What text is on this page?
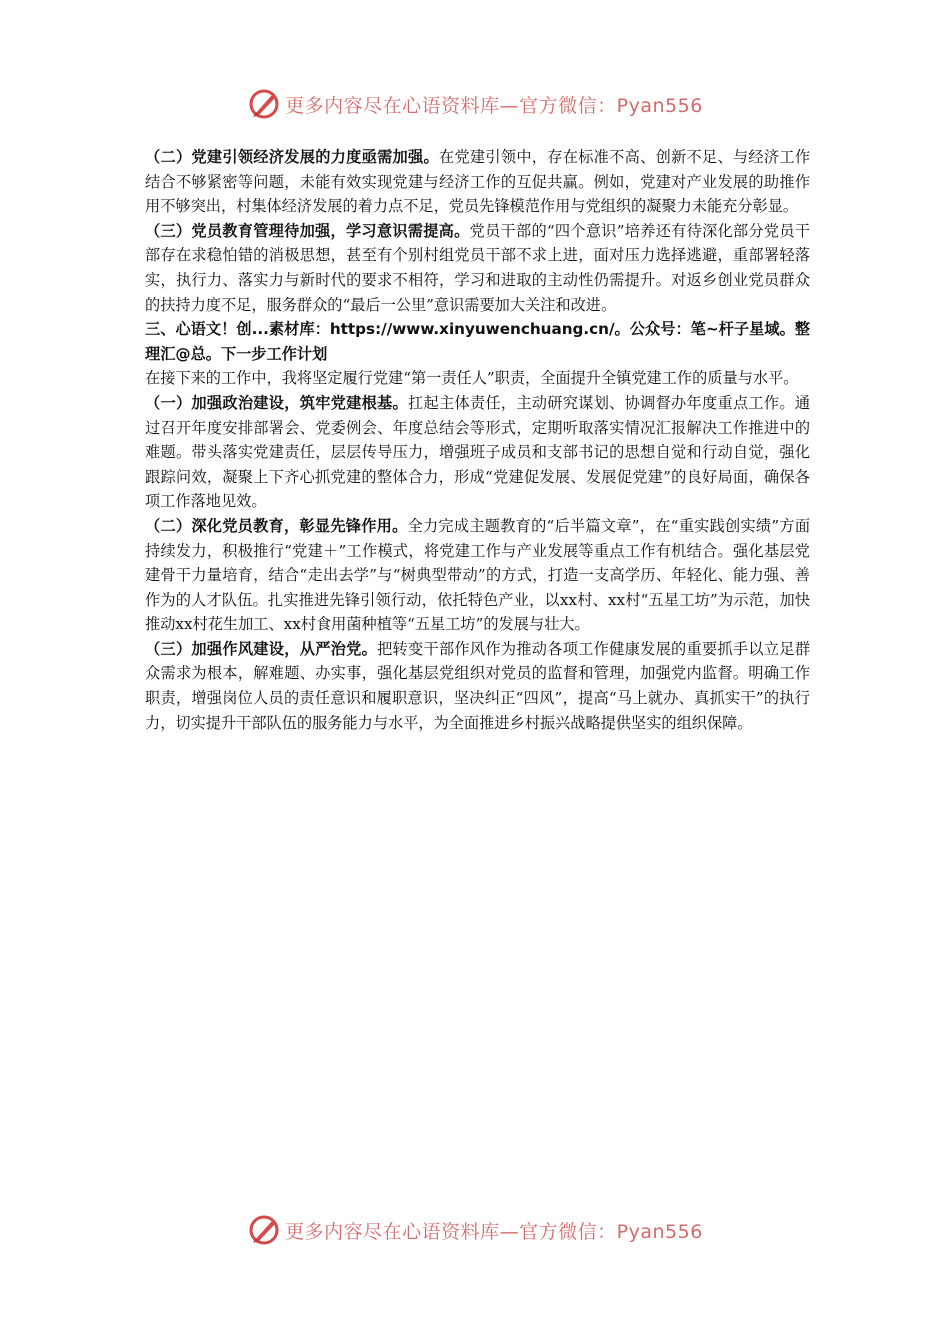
更多内容尽在心语资料库—官方微信：Pyan556

（二）党建引领经济发展的力度亟需加强。在党建引领中，存在标准不高、创新不足、与经济工作结合不够紧密等问题，未能有效实现党建与经济工作的互促共赢。例如，党建对产业发展的助推作用不够突出，村集体经济发展的着力点不足，党员先锋模范作用与党组织的凝聚力未能充分彰显。

（三）党员教育管理待加强，学习意识需提高。党员干部的“四个意识”培养还有待深化部分党员干部存在求稳怕错的消极思想，甚至有个别村组党员干部不求上进，面对压力选择逃避，重部署轻落实，执行力、落实力与新时代的要求不相符，学习和进取的主动性仍需提升。对返乡创业党员群众的扶持力度不足，服务群众的“最后一公里”意识需要加大关注和改进。

三、心语文！创...素材库：https://www.xinyuwenchuang.cn/。公众号：笔~杆子星域。整理汇@总。下一步工作计划

在接下来的工作中，我将坚定履行党建“第一责任人”职责，全面提升全镇党建工作的质量与水平。

（一）加强政治建设，筑牢党建根基。扛起主体责任，主动研究谋划、协调督办年度重点工作。通过召开年度安排部署会、党委例会、年度总结会等形式，定期听取落实情况汇报解决工作推进中的难题。带头落实党建责任，层层传导压力，增强班子成员和支部书记的思想自觉和行动自觉，强化跟踪问效，凝聚上下齐心抓党建的整体合力，形成“党建促发展、发展促党建”的良好局面，确保各项工作落地见效。

（二）深化党员教育，彰显先锋作用。全力完成主题教育的“后半篇文章”，在“重实践创实绩”方面持续发力，积极推行“党建＋”工作模式，将党建工作与产业发展等重点工作有机结合。强化基层党建骨干力量培育，结合“走出去学”与“树典型带动”的方式，打造一支高学历、年轻化、能力强、善作为的人才队伍。扎实推进先锋引领行动，依托特色产业，以xx村、xx村“五星工坊”为示范，加快推动xx村花生加工、xx村食用菌种植等“五星工坊”的发展与壮大。

（三）加强作风建设，从严治党。把转变干部作风作为推动各项工作健康发展的重要抓手以立足群众需求为根本，解难题、办实事，强化基层党组织对党员的监督和管理，加强党内监督。明确工作职责，增强岗位人员的责任意识和履职意识，坚决纠正“四风”，提高“马上就办、真抓实干”的执行力，切实提升干部队伍的服务能力与水平，为全面推进乡村振兴战略提供坚实的组织保障。

更多内容尽在心语资料库—官方微信：Pyan556
